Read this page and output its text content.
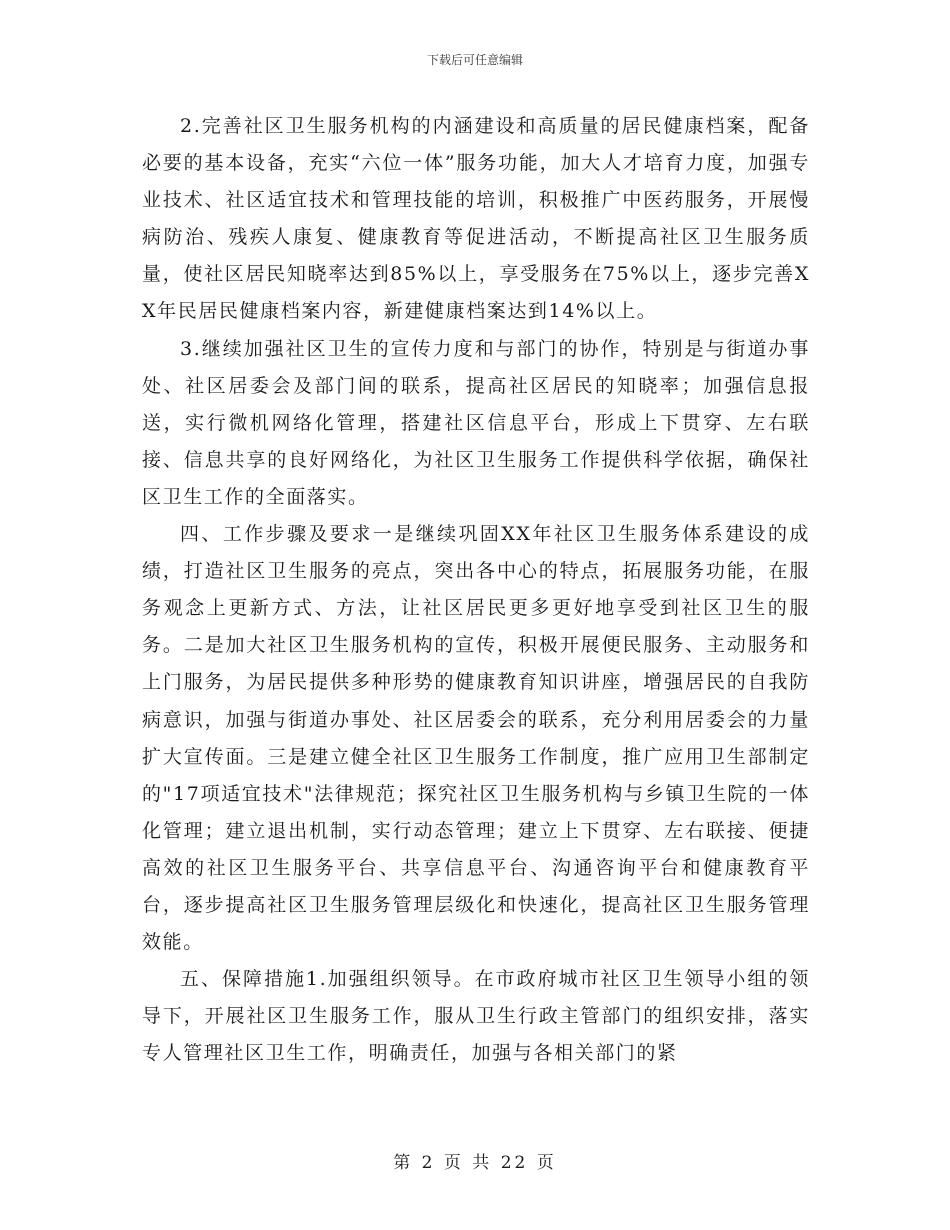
下载后可任意编辑

2.完善社区卫生服务机构的内涵建设和高质量的居民健康档案，配备必要的基本设备，充实“六位一体”服务功能，加大人才培育力度，加强专业技术、社区适宜技术和管理技能的培训，积极推广中医药服务，开展慢病防治、残疾人康复、健康教育等促进活动，不断提高社区卫生服务质量，使社区居民知晓率达到85%以上，享受服务在75%以上，逐步完善XX年民居民健康档案内容，新建健康档案达到14%以上。

3.继续加强社区卫生的宣传力度和与部门的协作，特别是与街道办事处、社区居委会及部门间的联系，提高社区居民的知晓率；加强信息报送，实行微机网络化管理，搭建社区信息平台，形成上下贯穿、左右联接、信息共享的良好网络化，为社区卫生服务工作提供科学依据，确保社区卫生工作的全面落实。

四、工作步骤及要求一是继续巩固XX年社区卫生服务体系建设的成绩，打造社区卫生服务的亮点，突出各中心的特点，拓展服务功能，在服务观念上更新方式、方法，让社区居民更多更好地享受到社区卫生的服务。二是加大社区卫生服务机构的宣传，积极开展便民服务、主动服务和上门服务，为居民提供多种形势的健康教育知识讲座，增强居民的自我防病意识，加强与街道办事处、社区居委会的联系，充分利用居委会的力量扩大宣传面。三是建立健全社区卫生服务工作制度，推广应用卫生部制定的"17项适宜技术"法律规范；探究社区卫生服务机构与乡镇卫生院的一体化管理；建立退出机制，实行动态管理；建立上下贯穿、左右联接、便捷高效的社区卫生服务平台、共享信息平台、沟通咨询平台和健康教育平台，逐步提高社区卫生服务管理层级化和快速化，提高社区卫生服务管理效能。

五、保障措施1.加强组织领导。在市政府城市社区卫生领导小组的领导下，开展社区卫生服务工作，服从卫生行政主管部门的组织安排，落实专人管理社区卫生工作，明确责任，加强与各相关部门的紧

第 2 页 共 22 页
